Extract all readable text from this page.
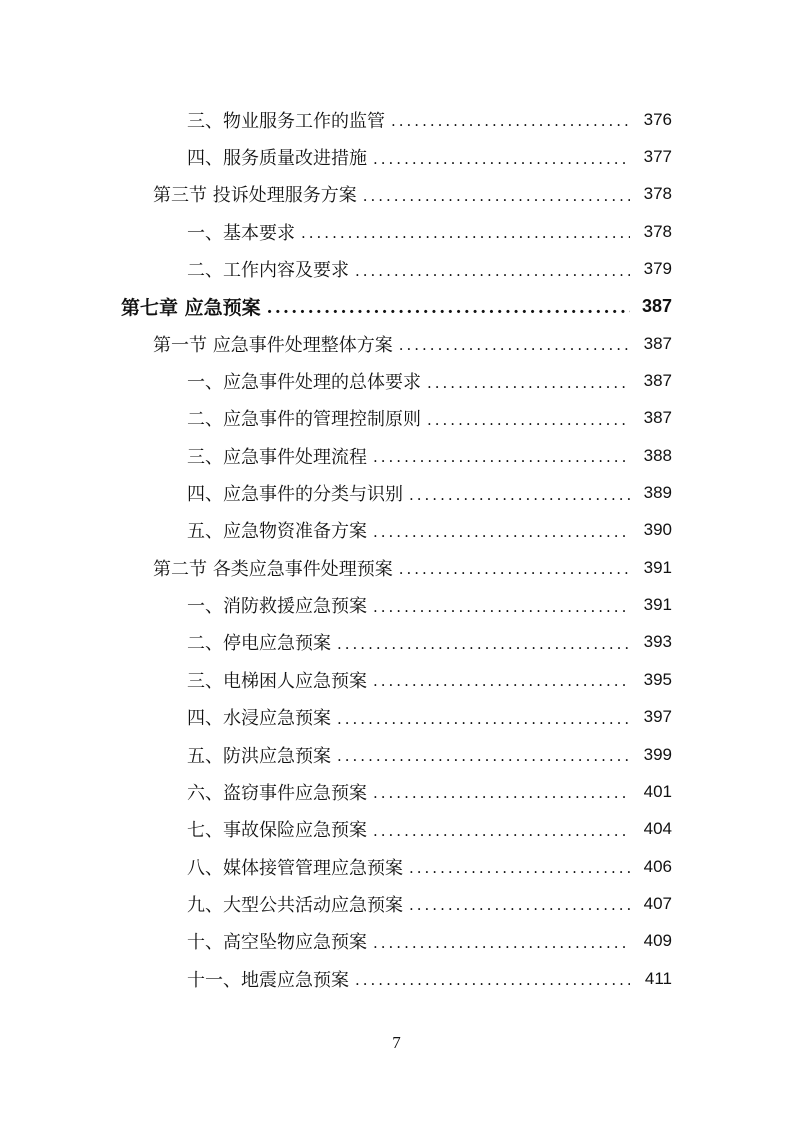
三、物业服务工作的监管 .....	376
四、服务质量改进措施 .....	377
第三节 投诉处理服务方案 .....	378
一、基本要求 .....	378
二、工作内容及要求 .....	379
第七章 应急预案 .....	387
第一节 应急事件处理整体方案 .....	387
一、应急事件处理的总体要求 .....	387
二、应急事件的管理控制原则 .....	387
三、应急事件处理流程 .....	388
四、应急事件的分类与识别 .....	389
五、应急物资准备方案 .....	390
第二节 各类应急事件处理预案 .....	391
一、消防救援应急预案 .....	391
二、停电应急预案 .....	393
三、电梯困人应急预案 .....	395
四、水浸应急预案 .....	397
五、防洪应急预案 .....	399
六、盗窃事件应急预案 .....	401
七、事故保险应急预案 .....	404
八、媒体接管管理应急预案 .....	406
九、大型公共活动应急预案 .....	407
十、高空坠物应急预案 .....	409
十一、地震应急预案 .....	411
7
